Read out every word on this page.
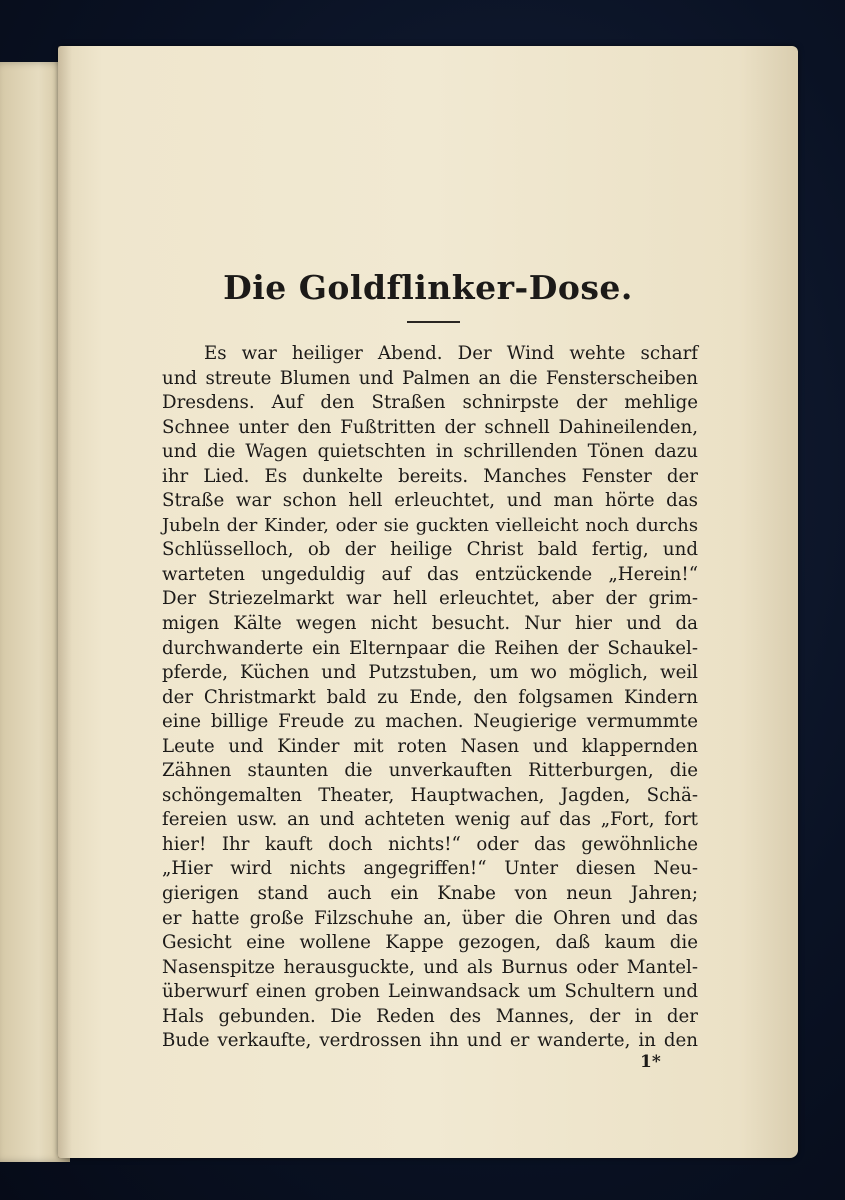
Die Goldflinker-Dose.
Es war heiliger Abend. Der Wind wehte scharf
und streute Blumen und Palmen an die Fensterscheiben
Dresdens. Auf den Straßen schnirpste der mehlige
Schnee unter den Fußtritten der schnell Dahineilenden,
und die Wagen quietschten in schrillenden Tönen dazu
ihr Lied. Es dunkelte bereits. Manches Fenster der
Straße war schon hell erleuchtet, und man hörte das
Jubeln der Kinder, oder sie guckten vielleicht noch durchs
Schlüsselloch, ob der heilige Christ bald fertig, und
warteten ungeduldig auf das entzückende „Herein!“
Der Striezelmarkt war hell erleuchtet, aber der grim-
migen Kälte wegen nicht besucht. Nur hier und da
durchwanderte ein Elternpaar die Reihen der Schaukel-
pferde, Küchen und Putzstuben, um wo möglich, weil
der Christmarkt bald zu Ende, den folgsamen Kindern
eine billige Freude zu machen. Neugierige vermummte
Leute und Kinder mit roten Nasen und klappernden
Zähnen staunten die unverkauften Ritterburgen, die
schöngemalten Theater, Hauptwachen, Jagden, Schä-
fereien usw. an und achteten wenig auf das „Fort, fort
hier! Ihr kauft doch nichts!“ oder das gewöhnliche
„Hier wird nichts angegriffen!“ Unter diesen Neu-
gierigen stand auch ein Knabe von neun Jahren;
er hatte große Filzschuhe an, über die Ohren und das
Gesicht eine wollene Kappe gezogen, daß kaum die
Nasenspitze herausguckte, und als Burnus oder Mantel-
überwurf einen groben Leinwandsack um Schultern und
Hals gebunden. Die Reden des Mannes, der in der
Bude verkaufte, verdrossen ihn und er wanderte, in den
1*
